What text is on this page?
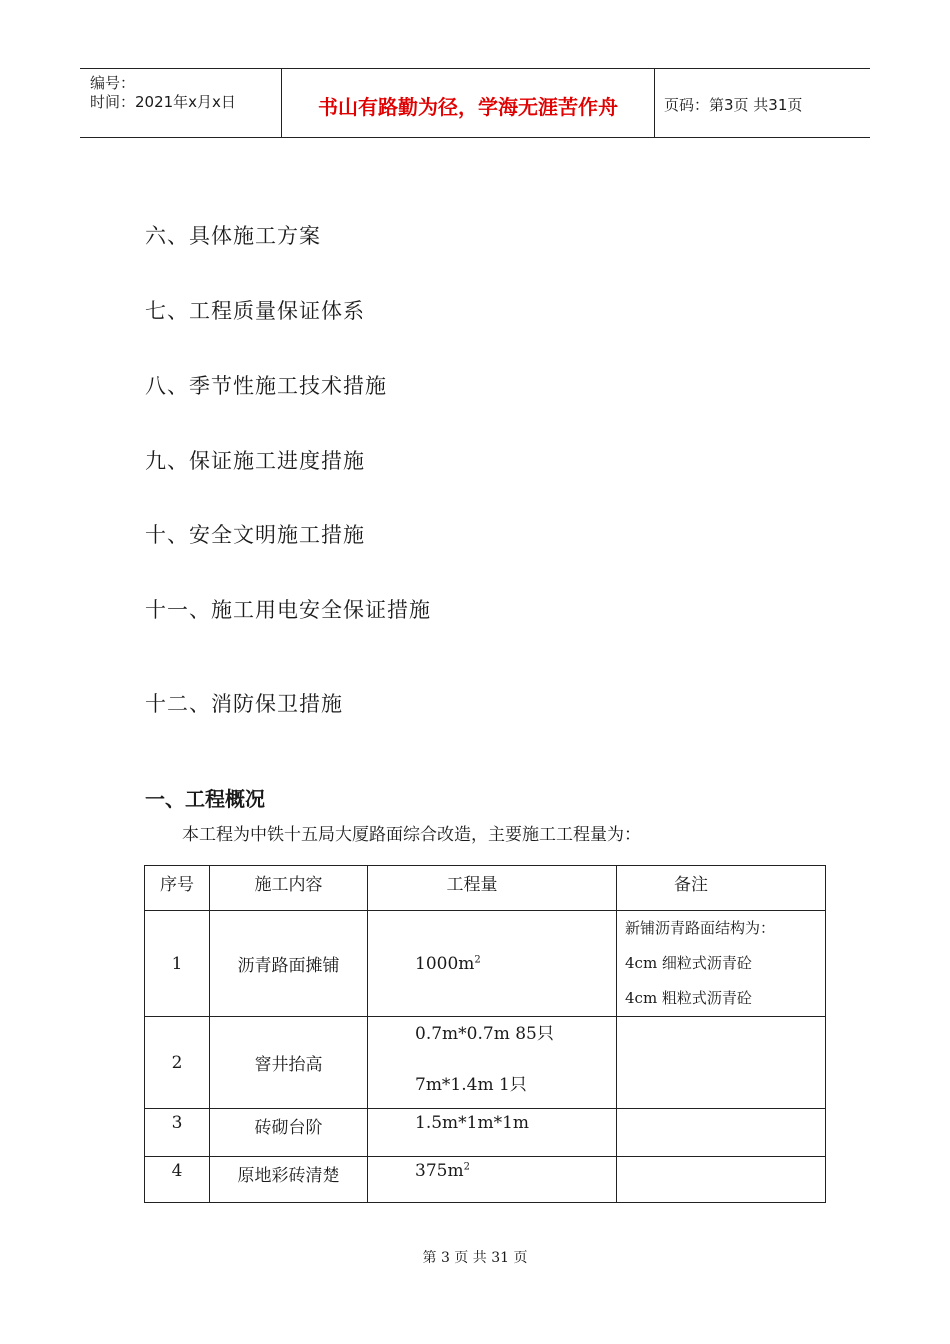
编号：
时间：2021年x月x日	书山有路勤为径，学海无涯苦作舟	页码：第3页 共31页
六、具体施工方案
七、工程质量保证体系
八、季节性施工技术措施
九、保证施工进度措施
十、安全文明施工措施
十一、施工用电安全保证措施
十二、消防保卫措施
一、工程概况
本工程为中铁十五局大厦路面综合改造，主要施工工程量为：
序号	施工内容	工程量	备注

1	沥青路面摊铺	$1000m^2$	新铺沥青路面结构为：
4cm 细粒式沥青砼
4cm 粗粒式沥青砼

2	窨井抬高	0.7m*0.7m 85只
7m*1.4m 1只	

3	砖砌台阶	1.5m*1m*1m	

4	原地彩砖清楚	$375m^2$

第 3 页 共 31 页
